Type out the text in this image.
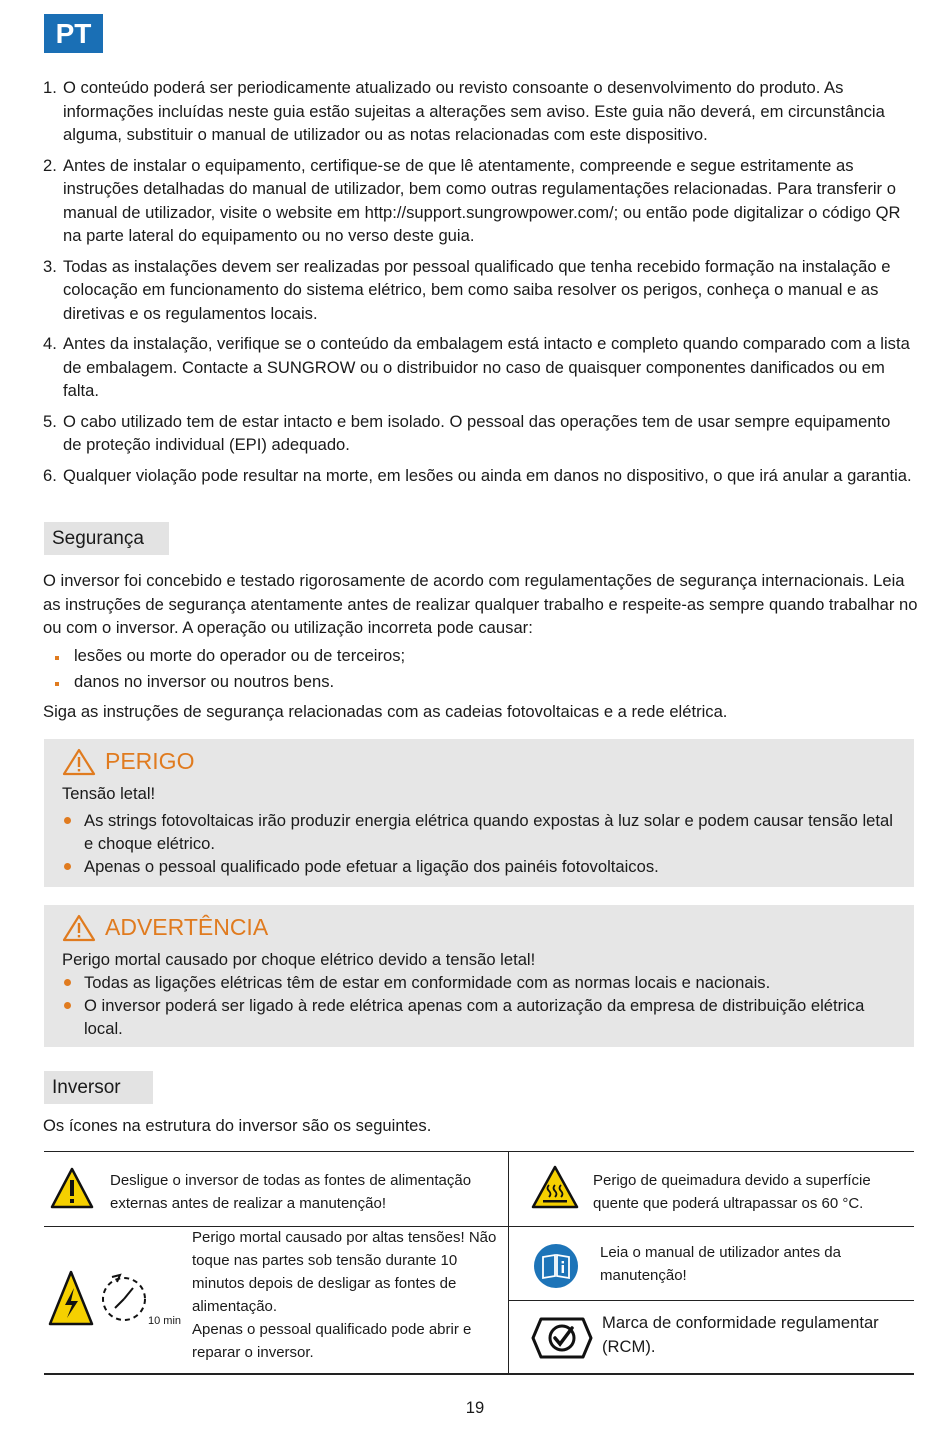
PT
1. O conteúdo poderá ser periodicamente atualizado ou revisto consoante o desenvolvimento do produto. As informações incluídas neste guia estão sujeitas a alterações sem aviso. Este guia não deverá, em circunstância alguma, substituir o manual de utilizador ou as notas relacionadas com este dispositivo.
2. Antes de instalar o equipamento, certifique-se de que lê atentamente, compreende e segue estritamente as instruções detalhadas do manual de utilizador, bem como outras regulamentações relacionadas. Para transferir o manual de utilizador, visite o website em http://support.sungrowpower.com/; ou então pode digitalizar o código QR na parte lateral do equipamento ou no verso deste guia.
3. Todas as instalações devem ser realizadas por pessoal qualificado que tenha recebido formação na instalação e colocação em funcionamento do sistema elétrico, bem como saiba resolver os perigos, conheça o manual e as diretivas e os regulamentos locais.
4. Antes da instalação, verifique se o conteúdo da embalagem está intacto e completo quando comparado com a lista de embalagem. Contacte a SUNGROW ou o distribuidor no caso de quaisquer componentes danificados ou em falta.
5. O cabo utilizado tem de estar intacto e bem isolado. O pessoal das operações tem de usar sempre equipamento de proteção individual (EPI) adequado.
6. Qualquer violação pode resultar na morte, em lesões ou ainda em danos no dispositivo, o que irá anular a garantia.
Segurança

O inversor foi concebido e testado rigorosamente de acordo com regulamentações de segurança internacionais. Leia as instruções de segurança atentamente antes de realizar qualquer trabalho e respeite-as sempre quando trabalhar no ou com o inversor. A operação ou utilização incorreta pode causar:

lesões ou morte do operador ou de terceiros;
danos no inversor ou noutros bens.

Siga as instruções de segurança relacionadas com as cadeias fotovoltaicas e a rede elétrica.

PERIGO
Tensão letal!
As strings fotovoltaicas irão produzir energia elétrica quando expostas à luz solar e podem causar tensão letal e choque elétrico.
Apenas o pessoal qualificado pode efetuar a ligação dos painéis fotovoltaicos.
ADVERTÊNCIA
Perigo mortal causado por choque elétrico devido a tensão letal!
Todas as ligações elétricas têm de estar em conformidade com as normas locais e nacionais.
O inversor poderá ser ligado à rede elétrica apenas com a autorização da empresa de distribuição elétrica local.
Inversor

Os ícones na estrutura do inversor são os seguintes.

Desligue o inversor de todas as fontes de alimentação externas antes de realizar a manutenção!
Perigo de queimadura devido a superfície quente que poderá ultrapassar os 60 °C.
10 min
Perigo mortal causado por altas tensões! Não toque nas partes sob tensão durante 10 minutos depois de desligar as fontes de alimentação.
Apenas o pessoal qualificado pode abrir e reparar o inversor.
Leia o manual de utilizador antes da manutenção!
Marca de conformidade regulamentar (RCM).
19
